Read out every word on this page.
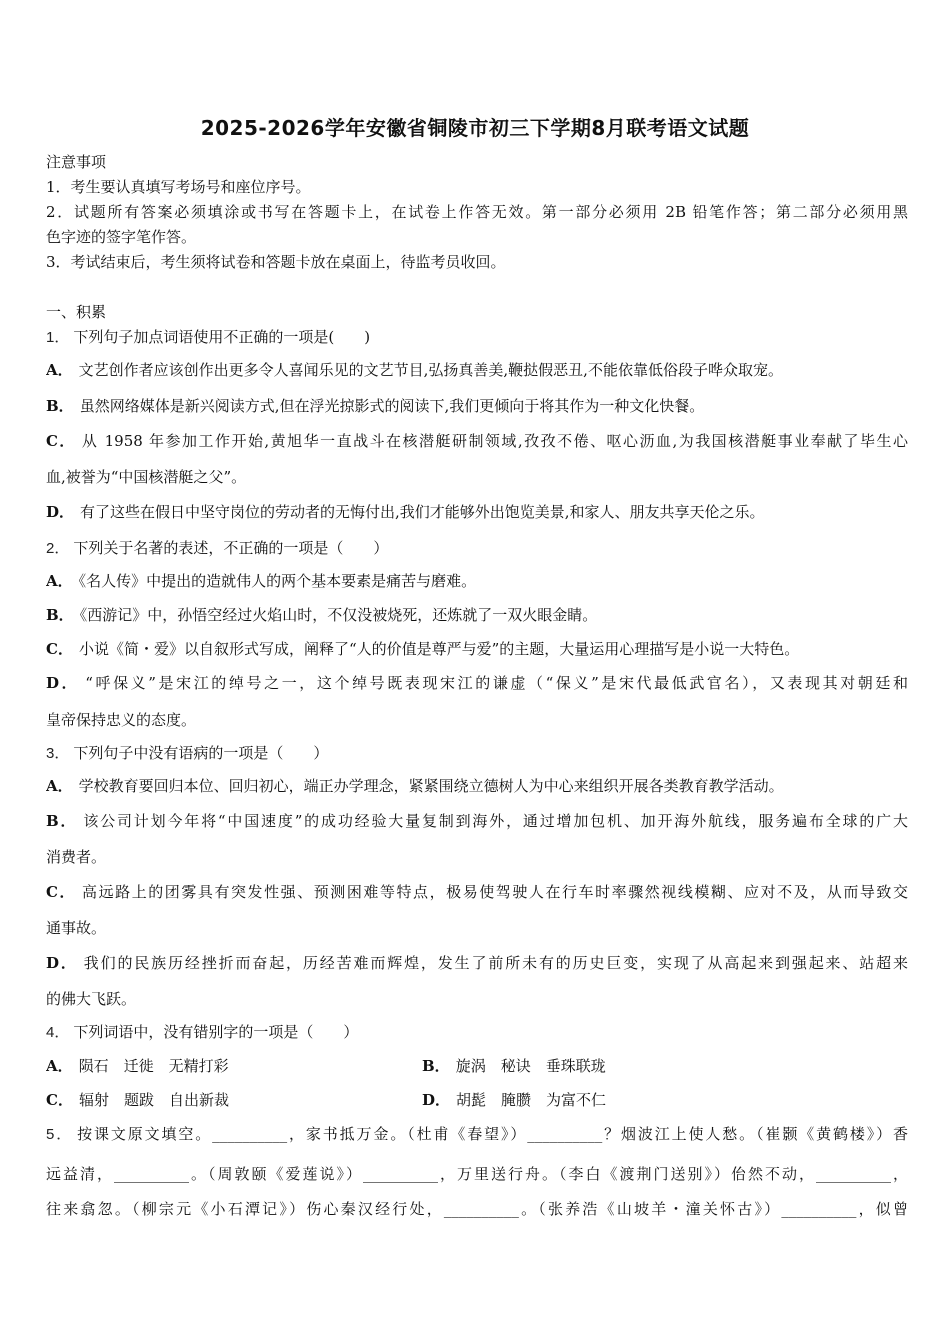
2025-2026学年安徽省铜陵市初三下学期8月联考语文试题
注意事项
1．考生要认真填写考场号和座位序号。
2．试题所有答案必须填涂或书写在答题卡上，在试卷上作答无效。第一部分必须用 2B 铅笔作答；第二部分必须用黑
色字迹的签字笔作答。
3．考试结束后，考生须将试卷和答题卡放在桌面上，待监考员收回。
一、积累
1． 下列句子加点词语使用不正确的一项是(　　)
A． 文艺创作者应该创作出更多令人喜闻乐见的文艺节目,弘扬真善美,鞭挞假恶丑,不能依靠低俗段子哗众取宠。
B． 虽然网络媒体是新兴阅读方式,但在浮光掠影式的阅读下,我们更倾向于将其作为一种文化快餐。
C． 从 1958 年参加工作开始,黄旭华一直战斗在核潜艇研制领域,孜孜不倦、呕心沥血,为我国核潜艇事业奉献了毕生心
血,被誉为“中国核潜艇之父”。
D． 有了这些在假日中坚守岗位的劳动者的无悔付出,我们才能够外出饱览美景,和家人、朋友共享天伦之乐。
2． 下列关于名著的表述，不正确的一项是（　　）
A． 《名人传》中提出的造就伟人的两个基本要素是痛苦与磨难。
B． 《西游记》中，孙悟空经过火焰山时，不仅没被烧死，还炼就了一双火眼金睛。
C． 小说《简・爱》以自叙形式写成，阐释了“人的价值是尊严与爱”的主题，大量运用心理描写是小说一大特色。
D． “呼保义”是宋江的绰号之一，这个绰号既表现宋江的谦虚（“保义”是宋代最低武官名），又表现其对朝廷和
皇帝保持忠义的态度。
3． 下列句子中没有语病的一项是（　　）
A． 学校教育要回归本位、回归初心，端正办学理念，紧紧围绕立德树人为中心来组织开展各类教育教学活动。
B． 该公司计划今年将“中国速度”的成功经验大量复制到海外，通过增加包机、加开海外航线，服务遍布全球的广大
消费者。
C． 高远路上的团雾具有突发性强、预测困难等特点，极易使驾驶人在行车时率骤然视线模糊、应对不及，从而导致交
通事故。
D． 我们的民族历经挫折而奋起，历经苦难而辉煌，发生了前所未有的历史巨变，实现了从高起来到强起来、站超来
的佛大飞跃。
4． 下列词语中，没有错别字的一项是（　　）
A． 陨石　迁徙　无精打彩	B． 旋涡　秘诀　垂珠联珑
C． 辐射　题跋　自出新裁	D． 胡髭　腌臜　为富不仁
5． 按课文原文填空。__________，家书抵万金。（杜甫《春望》）__________？烟波江上使人愁。（崔颢《黄鹤楼》）香
远益清，__________。（周敦颐《爱莲说》）__________，万里送行舟。（李白《渡荆门送别》）佁然不动，__________，
往来翕忽。（柳宗元《小石潭记》）伤心秦汉经行处，__________。（张养浩《山坡羊・潼关怀古》）__________，似曾
